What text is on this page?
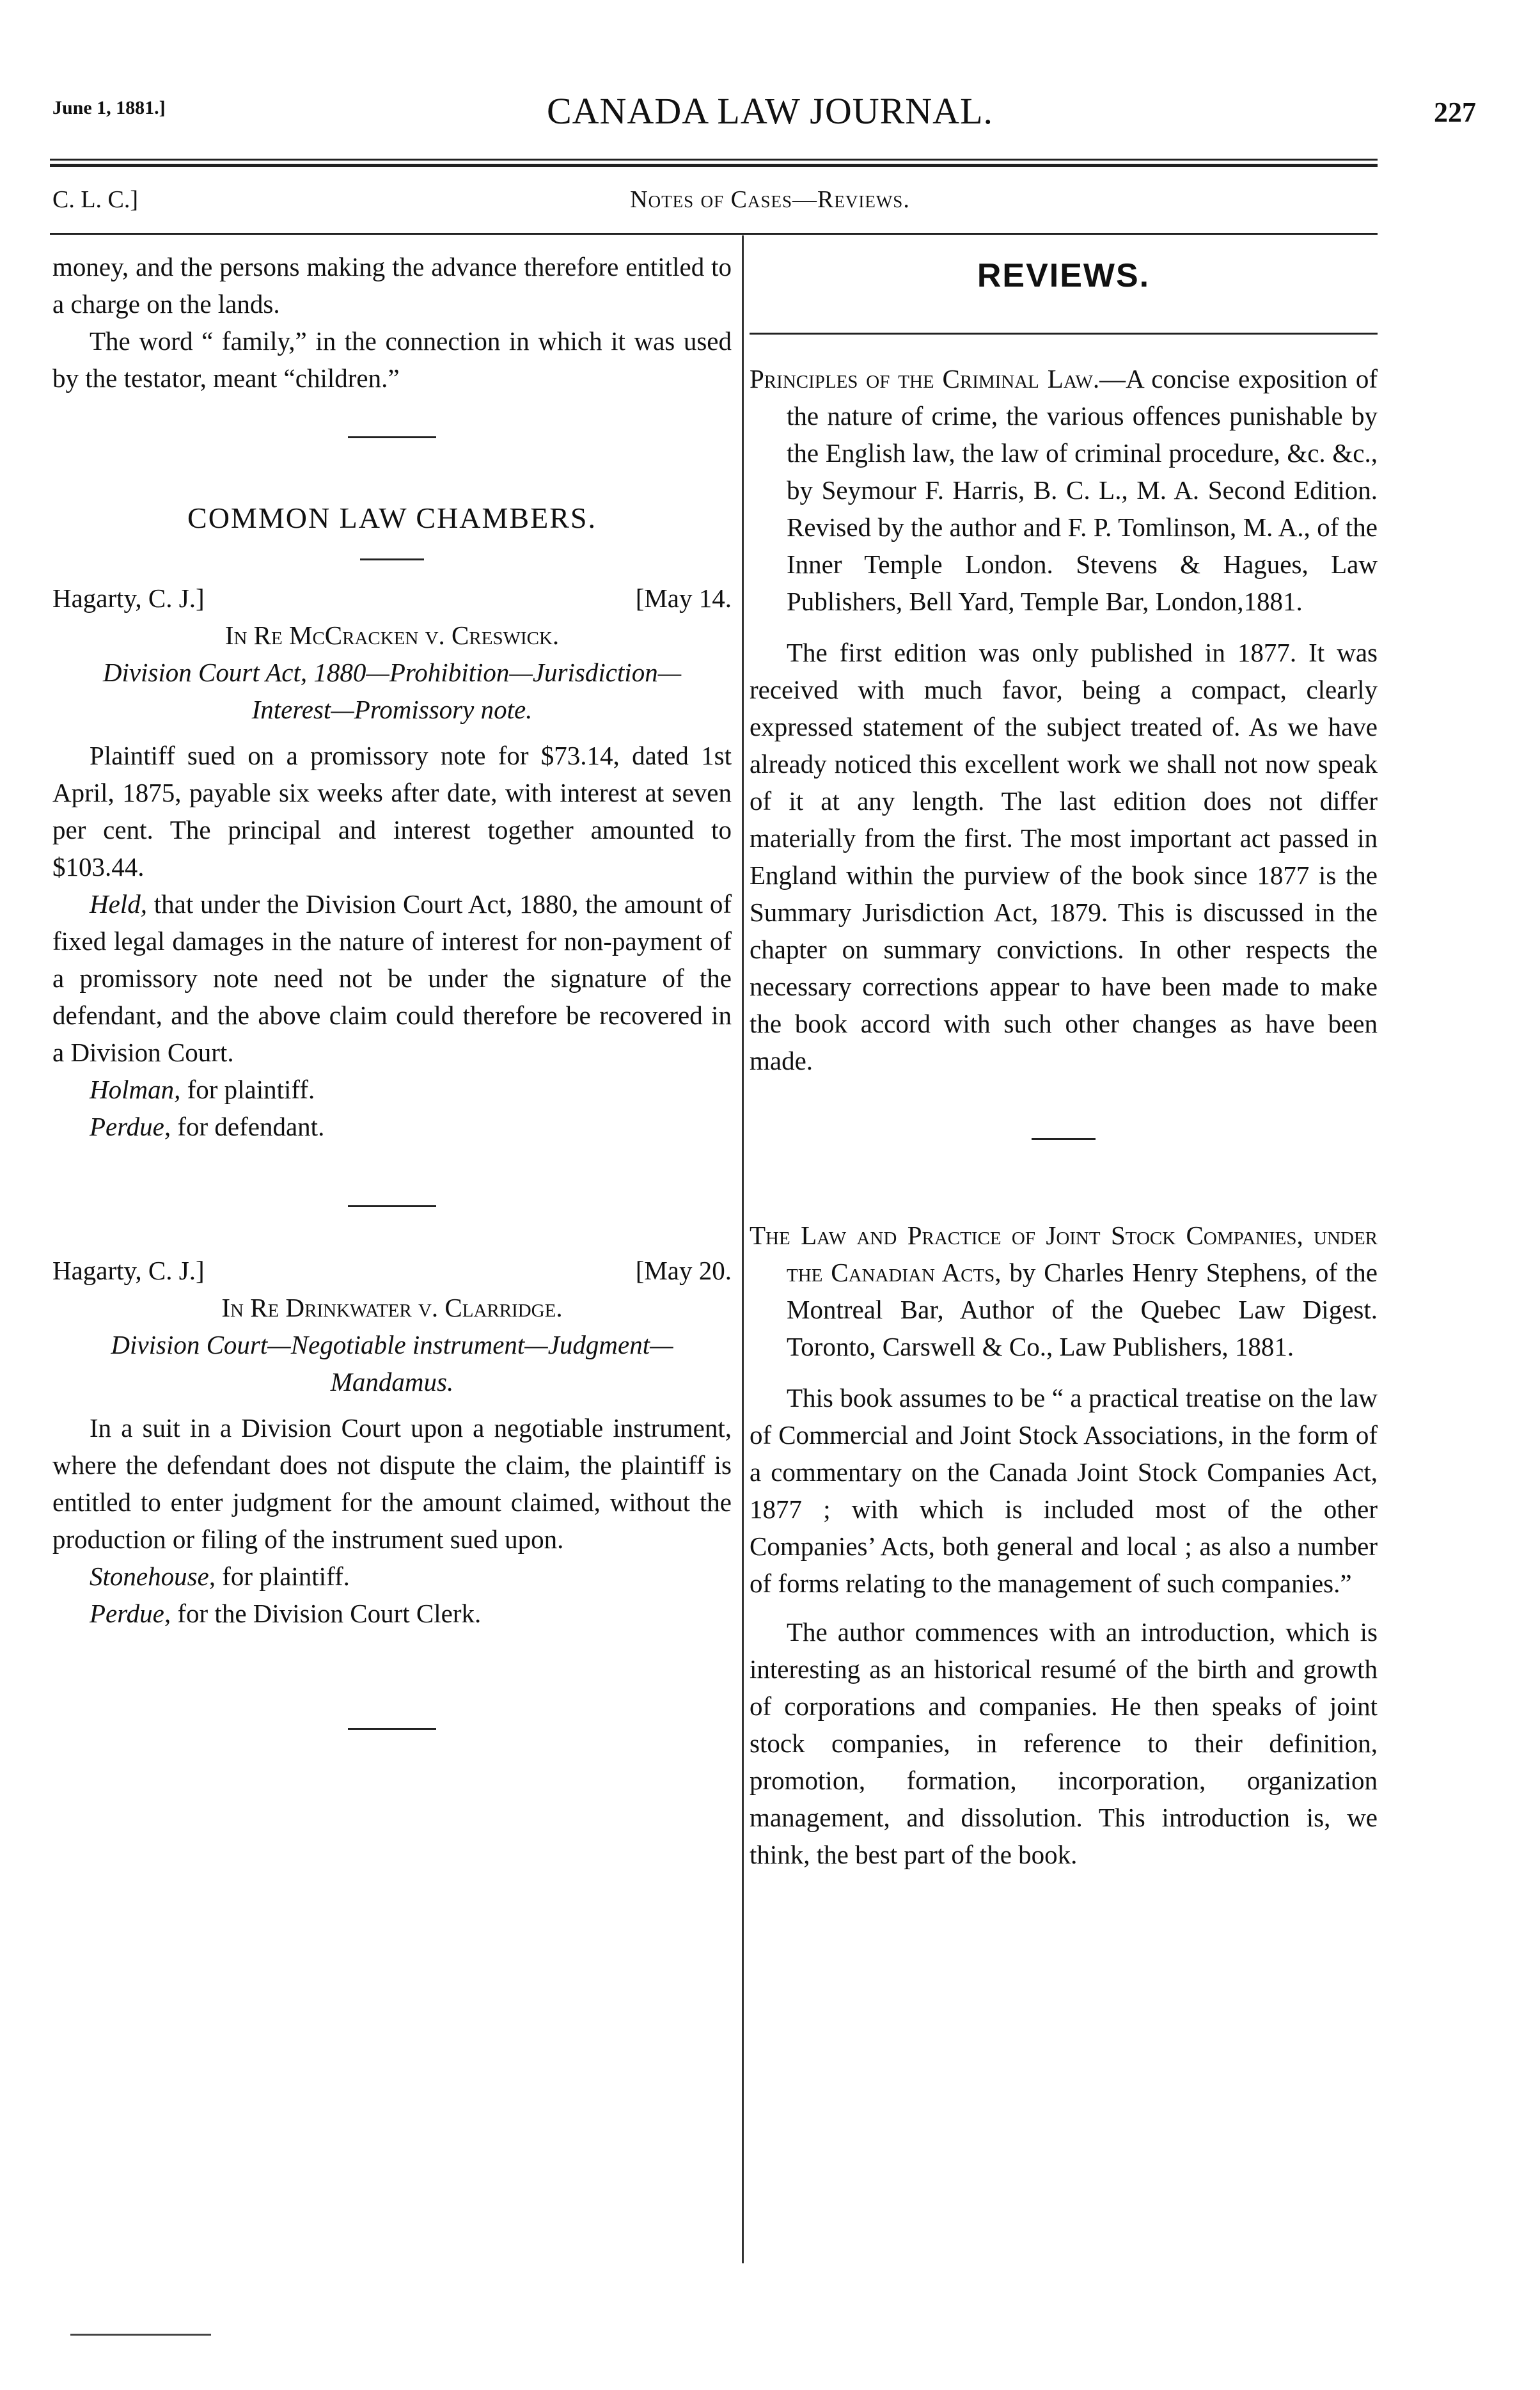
June 1, 1881.]	CANADA LAW JOURNAL.	227
C. L. C.]	Notes of Cases—Reviews.

money, and the persons making the advance therefore entitled to a charge on the lands.

The word “ family,” in the connection in which it was used by the testator, meant “children.”

COMMON LAW CHAMBERS.

Hagarty, C. J.]	[May 14.

In Re McCracken v. Creswick.

Division Court Act, 1880—Prohibition—Jurisdiction—Interest—Promissory note.

Plaintiff sued on a promissory note for $73.14, dated 1st April, 1875, payable six weeks after date, with interest at seven per cent. The principal and interest together amounted to $103.44.

Held, that under the Division Court Act, 1880, the amount of fixed legal damages in the nature of interest for non-payment of a promissory note need not be under the signature of the defendant, and the above claim could therefore be recovered in a Division Court.

Holman, for plaintiff.

Perdue, for defendant.

Hagarty, C. J.]	[May 20.

In Re Drinkwater v. Clarridge.

Division Court—Negotiable instrument—Judgment—Mandamus.

In a suit in a Division Court upon a negotiable instrument, where the defendant does not dispute the claim, the plaintiff is entitled to enter judgment for the amount claimed, without the production or filing of the instrument sued upon.

Stonehouse, for plaintiff.

Perdue, for the Division Court Clerk.

REVIEWS.

Principles of the Criminal Law.—A concise exposition of the nature of crime, the various offences punishable by the English law, the law of criminal procedure, &c. &c., by Seymour F. Harris, B. C. L., M. A. Second Edition. Revised by the author and F. P. Tomlinson, M. A., of the Inner Temple London. Stevens & Hagues, Law Publishers, Bell Yard, Temple Bar, London,1881.

The first edition was only published in 1877. It was received with much favor, being a compact, clearly expressed statement of the subject treated of. As we have already noticed this excellent work we shall not now speak of it at any length. The last edition does not differ materially from the first. The most important act passed in England within the purview of the book since 1877 is the Summary Jurisdiction Act, 1879. This is discussed in the chapter on summary convictions. In other respects the necessary corrections appear to have been made to make the book accord with such other changes as have been made.

The Law and Practice of Joint Stock Companies, under the Canadian Acts, by Charles Henry Stephens, of the Montreal Bar, Author of the Quebec Law Digest. Toronto, Carswell & Co., Law Publishers, 1881.

This book assumes to be “ a practical treatise on the law of Commercial and Joint Stock Associations, in the form of a commentary on the Canada Joint Stock Companies Act, 1877 ; with which is included most of the other Companies’ Acts, both general and local ; as also a number of forms relating to the management of such companies.”

The author commences with an introduction, which is interesting as an historical resumé of the birth and growth of corporations and companies. He then speaks of joint stock companies, in reference to their definition, promotion, formation, incorporation, organization management, and dissolution. This introduction is, we think, the best part of the book.
